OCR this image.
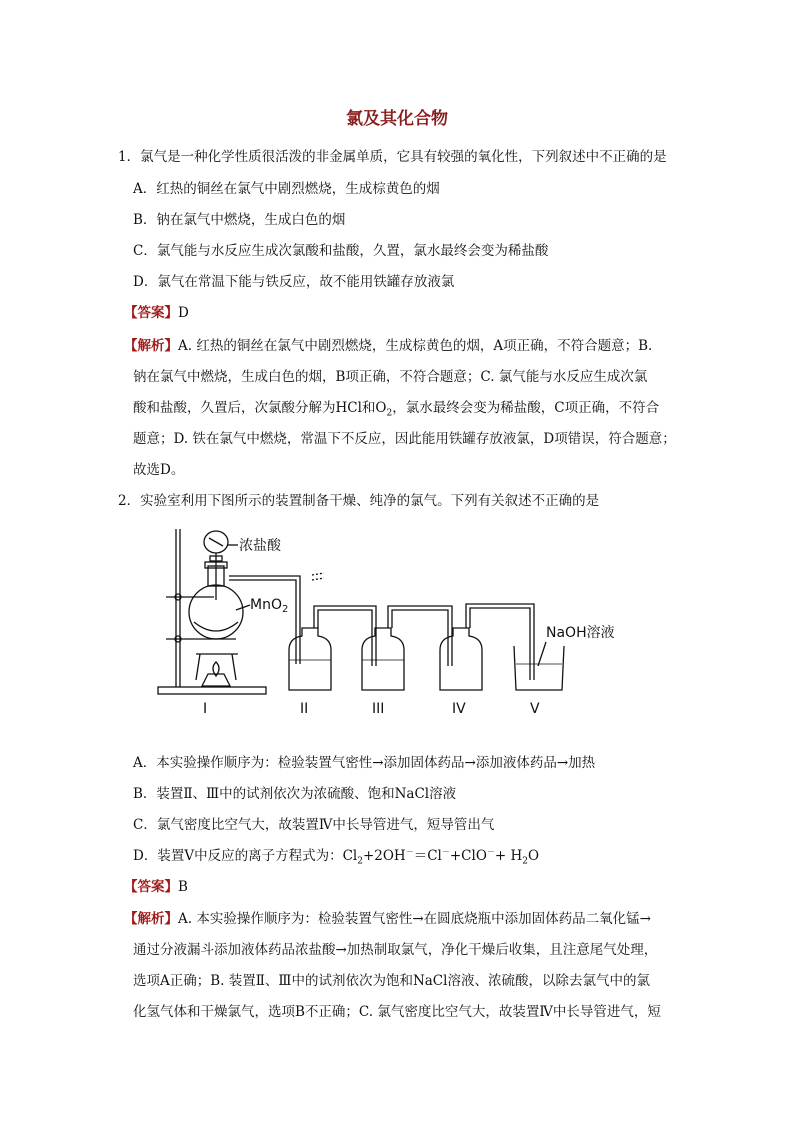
氯及其化合物
1．氯气是一种化学性质很活泼的非金属单质，它具有较强的氧化性，下列叙述中不正确的是
A．红热的铜丝在氯气中剧烈燃烧，生成棕黄色的烟
B．钠在氯气中燃烧，生成白色的烟
C．氯气能与水反应生成次氯酸和盐酸，久置，氯水最终会变为稀盐酸
D．氯气在常温下能与铁反应，故不能用铁罐存放液氯
【答案】D
【解析】A. 红热的铜丝在氯气中剧烈燃烧，生成棕黄色的烟，A项正确，不符合题意；B.
钠在氯气中燃烧，生成白色的烟，B项正确，不符合题意；C. 氯气能与水反应生成次氯
酸和盐酸，久置后，次氯酸分解为HCl和$O_2$，氯水最终会变为稀盐酸，C项正确，不符合
题意；D. 铁在氯气中燃烧，常温下不反应，因此能用铁罐存放液氯，D项错误，符合题意；
故选D。
2．实验室利用下图所示的装置制备干燥、纯净的氯气。下列有关叙述不正确的是
浓盐酸
MnO$_2$
NaOH溶液
I	II	III	IV	V
A．本实验操作顺序为：检验装置气密性→添加固体药品→添加液体药品→加热
B．装置Ⅱ、Ⅲ中的试剂依次为浓硫酸、饱和NaCl溶液
C．氯气密度比空气大，故装置Ⅳ中长导管进气，短导管出气
D．装置Ⅴ中反应的离子方程式为：$Cl_2+2OH^-=Cl^-+ClO^-+ H_2O$
【答案】B
【解析】A. 本实验操作顺序为：检验装置气密性→在圆底烧瓶中添加固体药品二氧化锰→
通过分液漏斗添加液体药品浓盐酸→加热制取氯气，净化干燥后收集，且注意尾气处理，
选项A正确；B. 装置Ⅱ、Ⅲ中的试剂依次为饱和NaCl溶液、浓硫酸，以除去氯气中的氯
化氢气体和干燥氯气，选项B不正确；C. 氯气密度比空气大，故装置Ⅳ中长导管进气，短
